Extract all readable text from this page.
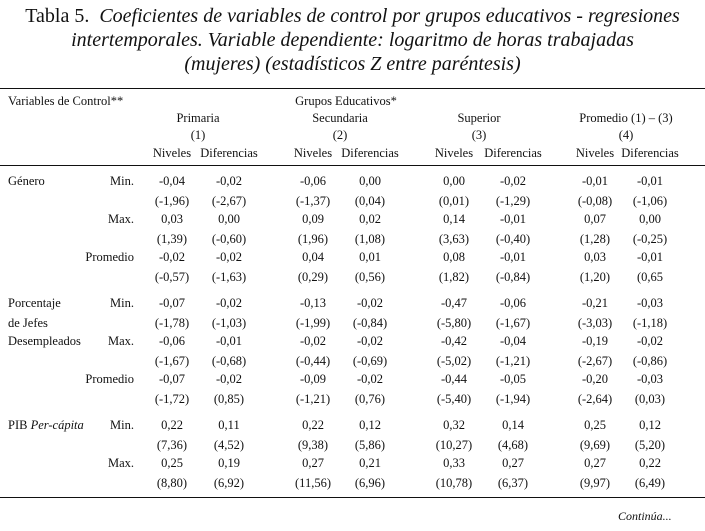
Tabla 5. Coeficientes de variables de control por grupos educativos - regresiones
intertemporales. Variable dependiente: logaritmo de horas trabajadas
(mujeres) (estadísticos Z entre paréntesis)
Variables de Control**	Grupos Educativos*
Primaria
(1)
Secundaria
(2)
Superior
(3)
Promedio (1) – (3)
(4)
Niveles Diferencias	Niveles Diferencias	Niveles Diferencias	Niveles Diferencias
Género	Min.	-0,04	-0,02	-0,06	0,00	0,00	-0,02	-0,01	-0,01
(-1,96)	(-2,67)	(-1,37)	(0,04)	(0,01)	(-1,29)	(-0,08)	(-1,06)
Max.	0,03	0,00	0,09	0,02	0,14	-0,01	0,07	0,00
(1,39)	(-0,60)	(1,96)	(1,08)	(3,63)	(-0,40)	(1,28)	(-0,25)
Promedio	-0,02	-0,02	0,04	0,01	0,08	-0,01	0,03	-0,01
(-0,57)	(-1,63)	(0,29)	(0,56)	(1,82)	(-0,84)	(1,20)	(0,65
Porcentaje	Min.	-0,07	-0,02	-0,13	-0,02	-0,47	-0,06	-0,21	-0,03
de Jefes	(-1,78)	(-1,03)	(-1,99)	(-0,84)	(-5,80)	(-1,67)	(-3,03)	(-1,18)
Desempleados	Max.	-0,06	-0,01	-0,02	-0,02	-0,42	-0,04	-0,19	-0,02
(-1,67)	(-0,68)	(-0,44)	(-0,69)	(-5,02)	(-1,21)	(-2,67)	(-0,86)
Promedio	-0,07	-0,02	-0,09	-0,02	-0,44	-0,05	-0,20	-0,03
(-1,72)	(0,85)	(-1,21)	(0,76)	(-5,40)	(-1,94)	(-2,64)	(0,03)
PIB Per-cápita	Min.	0,22	0,11	0,22	0,12	0,32	0,14	0,25	0,12
(7,36)	(4,52)	(9,38)	(5,86)	(10,27)	(4,68)	(9,69)	(5,20)
Max.	0,25	0,19	0,27	0,21	0,33	0,27	0,27	0,22
(8,80)	(6,92)	(11,56)	(6,96)	(10,78)	(6,37)	(9,97)	(6,49)
Continúa...
